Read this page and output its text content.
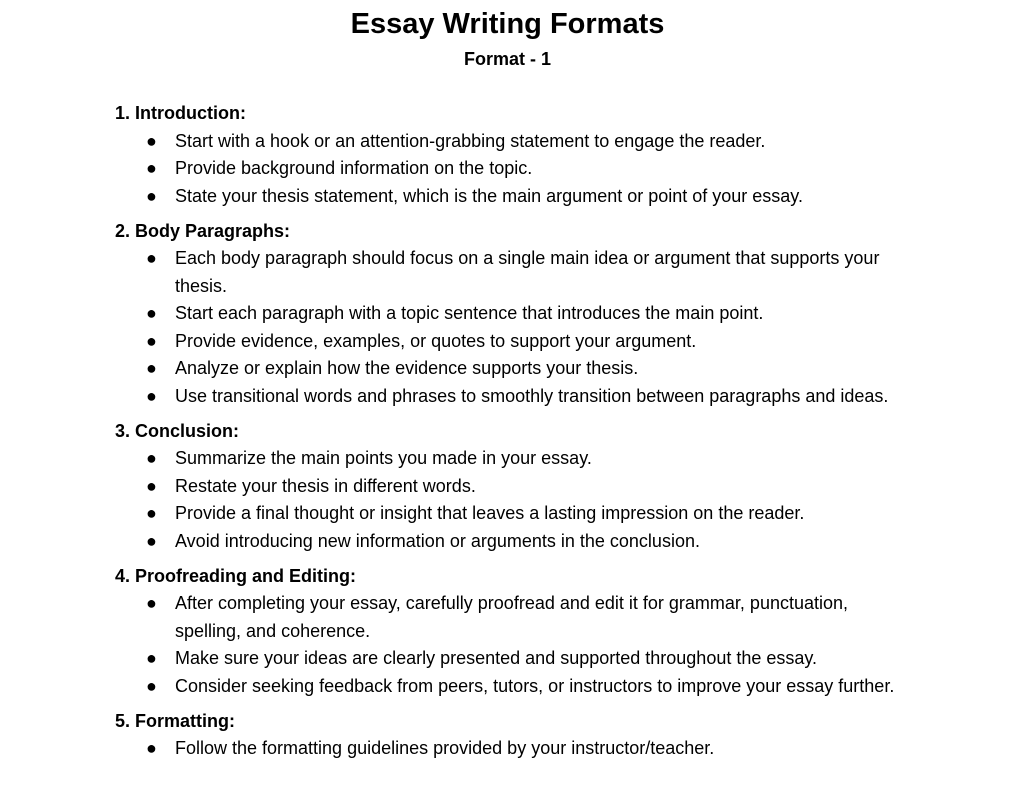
Essay Writing Formats
Format - 1

1. Introduction:

● Start with a hook or an attention-grabbing statement to engage the reader.
● Provide background information on the topic.
● State your thesis statement, which is the main argument or point of your essay.

2. Body Paragraphs:

● Each body paragraph should focus on a single main idea or argument that supports your thesis.
● Start each paragraph with a topic sentence that introduces the main point.
● Provide evidence, examples, or quotes to support your argument.
● Analyze or explain how the evidence supports your thesis.
● Use transitional words and phrases to smoothly transition between paragraphs and ideas.

3. Conclusion:

● Summarize the main points you made in your essay.
● Restate your thesis in different words.
● Provide a final thought or insight that leaves a lasting impression on the reader.
● Avoid introducing new information or arguments in the conclusion.

4. Proofreading and Editing:

● After completing your essay, carefully proofread and edit it for grammar, punctuation, spelling, and coherence.
● Make sure your ideas are clearly presented and supported throughout the essay.
● Consider seeking feedback from peers, tutors, or instructors to improve your essay further.

5. Formatting:

● Follow the formatting guidelines provided by your instructor/teacher.
